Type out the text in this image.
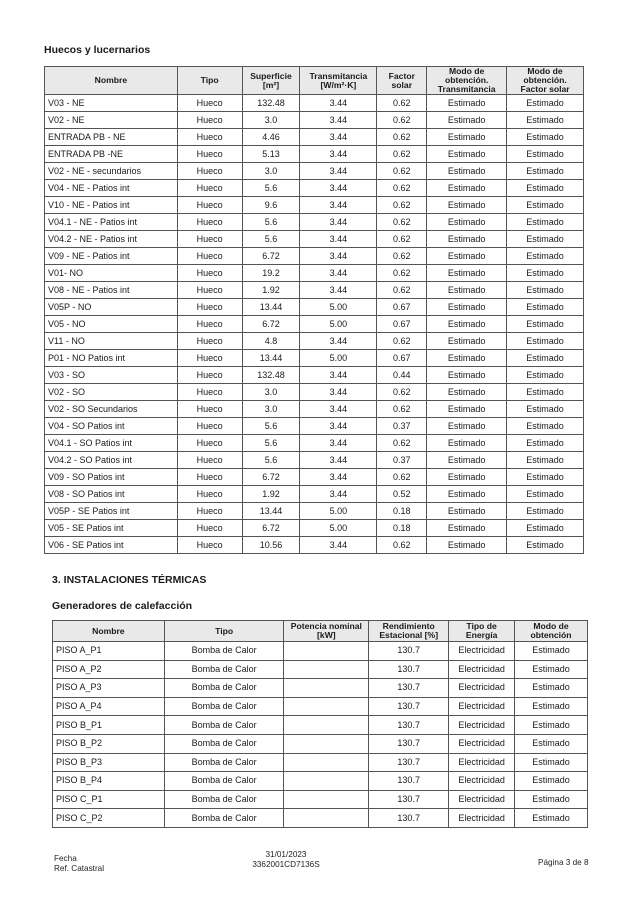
Huecos y lucernarios
Nombre	Tipo	Superficie [m²]	Transmitancia [W/m²·K]	Factor solar	Modo de obtención. Transmitancia	Modo de obtención. Factor solar
V03 - NE	Hueco	132.48	3.44	0.62	Estimado	Estimado
V02 - NE	Hueco	3.0	3.44	0.62	Estimado	Estimado
ENTRADA PB - NE	Hueco	4.46	3.44	0.62	Estimado	Estimado
ENTRADA PB -NE	Hueco	5.13	3.44	0.62	Estimado	Estimado
V02 - NE - secundarios	Hueco	3.0	3.44	0.62	Estimado	Estimado
V04 - NE - Patios int	Hueco	5.6	3.44	0.62	Estimado	Estimado
V10 - NE - Patios int	Hueco	9.6	3.44	0.62	Estimado	Estimado
V04.1 - NE - Patios int	Hueco	5.6	3.44	0.62	Estimado	Estimado
V04.2 - NE - Patios int	Hueco	5.6	3.44	0.62	Estimado	Estimado
V09 - NE - Patios int	Hueco	6.72	3.44	0.62	Estimado	Estimado
V01- NO	Hueco	19.2	3.44	0.62	Estimado	Estimado
V08 - NE - Patios int	Hueco	1.92	3.44	0.62	Estimado	Estimado
V05P - NO	Hueco	13.44	5.00	0.67	Estimado	Estimado
V05 - NO	Hueco	6.72	5.00	0.67	Estimado	Estimado
V11 - NO	Hueco	4.8	3.44	0.62	Estimado	Estimado
P01 - NO Patios int	Hueco	13.44	5.00	0.67	Estimado	Estimado
V03 - SO	Hueco	132.48	3.44	0.44	Estimado	Estimado
V02 - SO	Hueco	3.0	3.44	0.62	Estimado	Estimado
V02 - SO Secundarios	Hueco	3.0	3.44	0.62	Estimado	Estimado
V04 - SO Patios int	Hueco	5.6	3.44	0.37	Estimado	Estimado
V04.1 - SO Patios int	Hueco	5.6	3.44	0.62	Estimado	Estimado
V04.2 - SO Patios int	Hueco	5.6	3.44	0.37	Estimado	Estimado
V09 - SO Patios int	Hueco	6.72	3.44	0.62	Estimado	Estimado
V08 - SO Patios int	Hueco	1.92	3.44	0.52	Estimado	Estimado
V05P - SE Patios int	Hueco	13.44	5.00	0.18	Estimado	Estimado
V05 - SE Patios int	Hueco	6.72	5.00	0.18	Estimado	Estimado
V06 - SE Patios int	Hueco	10.56	3.44	0.62	Estimado	Estimado
3. INSTALACIONES TÉRMICAS
Generadores de calefacción
Nombre	Tipo	Potencia nominal [kW]	Rendimiento Estacional [%]	Tipo de Energía	Modo de obtención
PISO A_P1	Bomba de Calor		130.7	Electricidad	Estimado
PISO A_P2	Bomba de Calor		130.7	Electricidad	Estimado
PISO A_P3	Bomba de Calor		130.7	Electricidad	Estimado
PISO A_P4	Bomba de Calor		130.7	Electricidad	Estimado
PISO B_P1	Bomba de Calor		130.7	Electricidad	Estimado
PISO B_P2	Bomba de Calor		130.7	Electricidad	Estimado
PISO B_P3	Bomba de Calor		130.7	Electricidad	Estimado
PISO B_P4	Bomba de Calor		130.7	Electricidad	Estimado
PISO C_P1	Bomba de Calor		130.7	Electricidad	Estimado
PISO C_P2	Bomba de Calor		130.7	Electricidad	Estimado
Fecha
Ref. Catastral
31/01/2023
3362001CD7136S	Página 3 de 8
